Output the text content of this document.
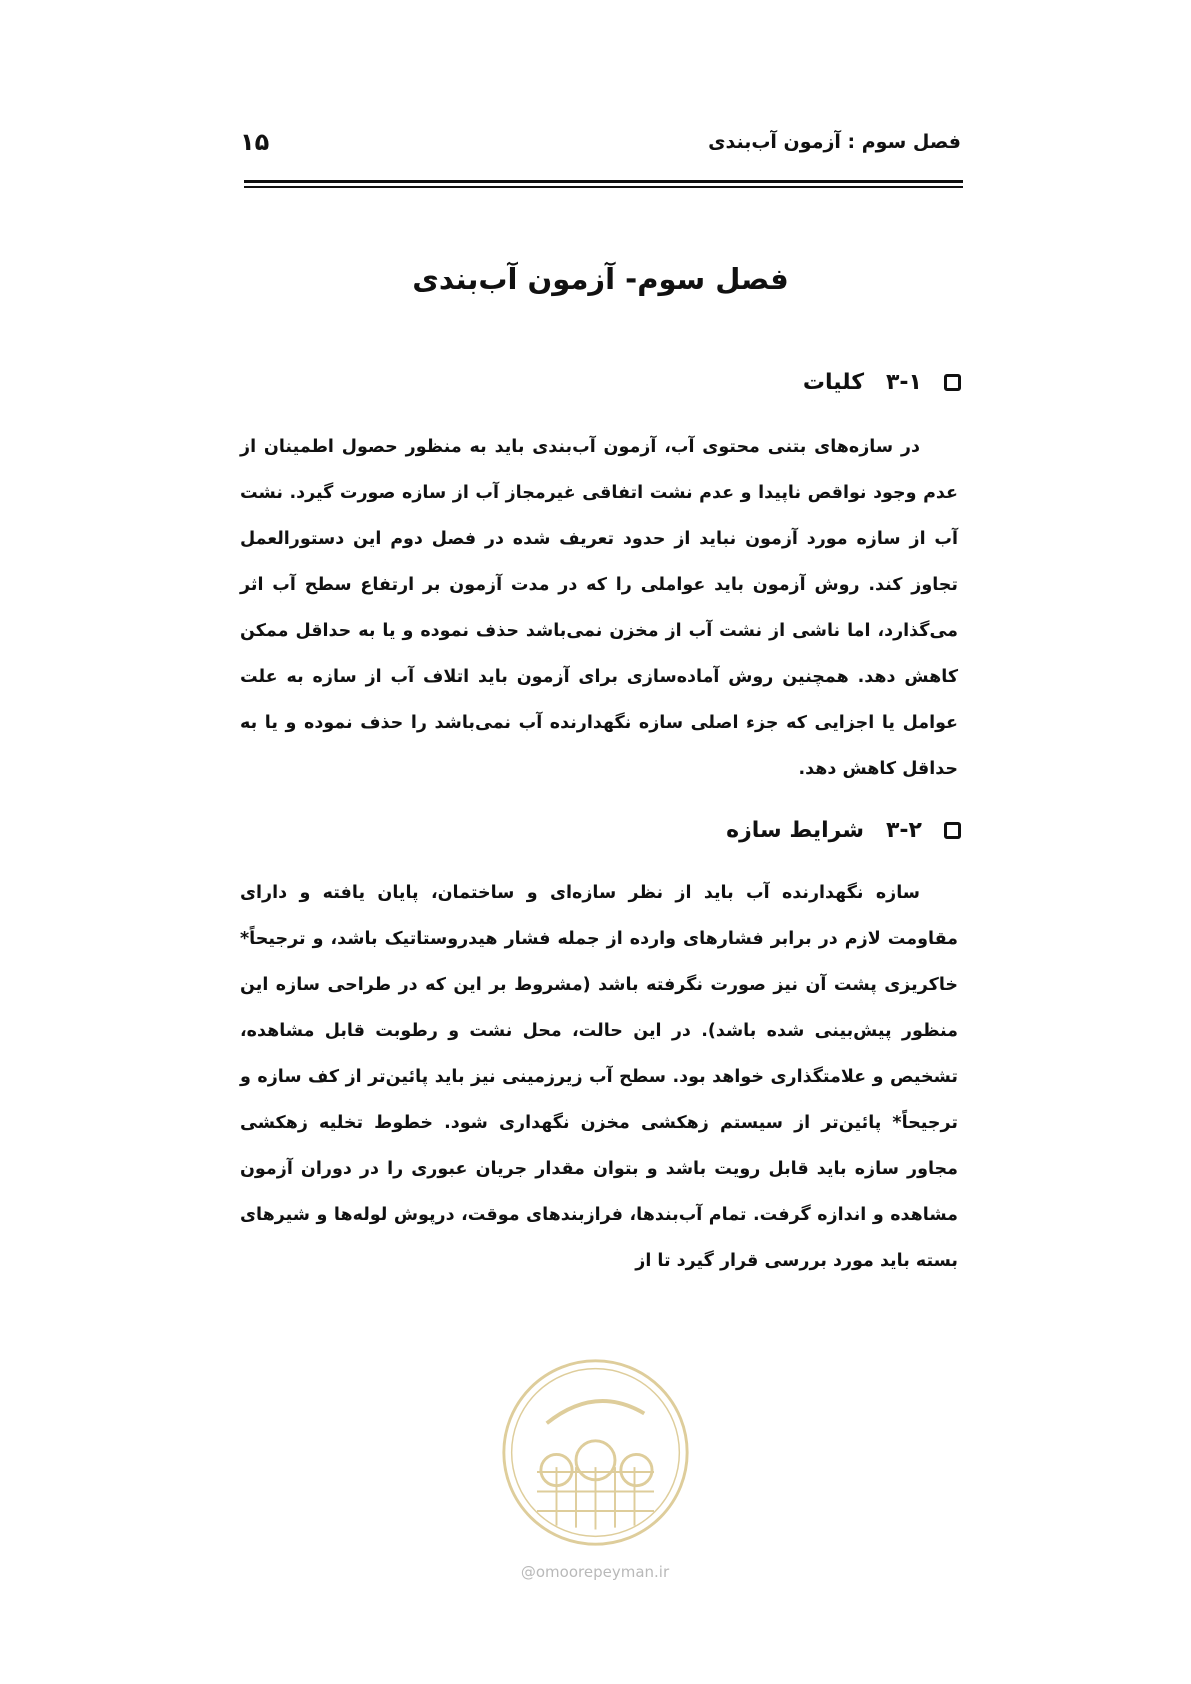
فصل سوم : آزمون آب‌بندی
۱۵
فصل سوم- آزمون آب‌بندی
۳-۱
کلیات

در سازه‌های بتنی محتوی آب، آزمون آب‌بندی باید به منظور حصول اطمینان از عدم وجود نواقص ناپیدا و عدم نشت اتفاقی غیرمجاز آب از سازه صورت گیرد. نشت آب از سازه مورد آزمون نباید از حدود تعریف شده در فصل دوم این دستورالعمل تجاوز کند. روش آزمون باید عواملی را که در مدت آزمون بر ارتفاع سطح آب اثر می‌گذارد، اما ناشی از نشت آب از مخزن نمی‌باشد حذف نموده و یا به حداقل ممکن کاهش دهد. همچنین روش آماده‌سازی برای آزمون باید اتلاف آب از سازه به علت عوامل یا اجزایی که جزء اصلی سازه نگهدارنده آب نمی‌باشد را حذف نموده و یا به حداقل کاهش دهد.

۳-۲
شرایط سازه

سازه نگهدارنده آب باید از نظر سازه‌ای و ساختمان، پایان یافته و دارای مقاومت لازم در برابر فشارهای وارده از جمله فشار هیدروستاتیک باشد، و ترجیحاً* خاکریزی پشت آن نیز صورت نگرفته باشد (مشروط بر این که در طراحی سازه این منظور پیش‌بینی شده باشد). در این حالت، محل نشت و رطوبت قابل مشاهده، تشخیص و علامتگذاری خواهد بود. سطح آب زیرزمینی نیز باید پائین‌تر از کف سازه و ترجیحاً* پائین‌تر از سیستم زهکشی مخزن نگهداری شود. خطوط تخلیه زهکشی مجاور سازه باید قابل رویت باشد و بتوان مقدار جریان عبوری را در دوران آزمون مشاهده و اندازه گرفت. تمام آب‌بندها، فرازبندهای موقت، درپوش لوله‌ها و شیرهای بسته باید مورد بررسی قرار گیرد تا از

@omoorepeyman.ir
